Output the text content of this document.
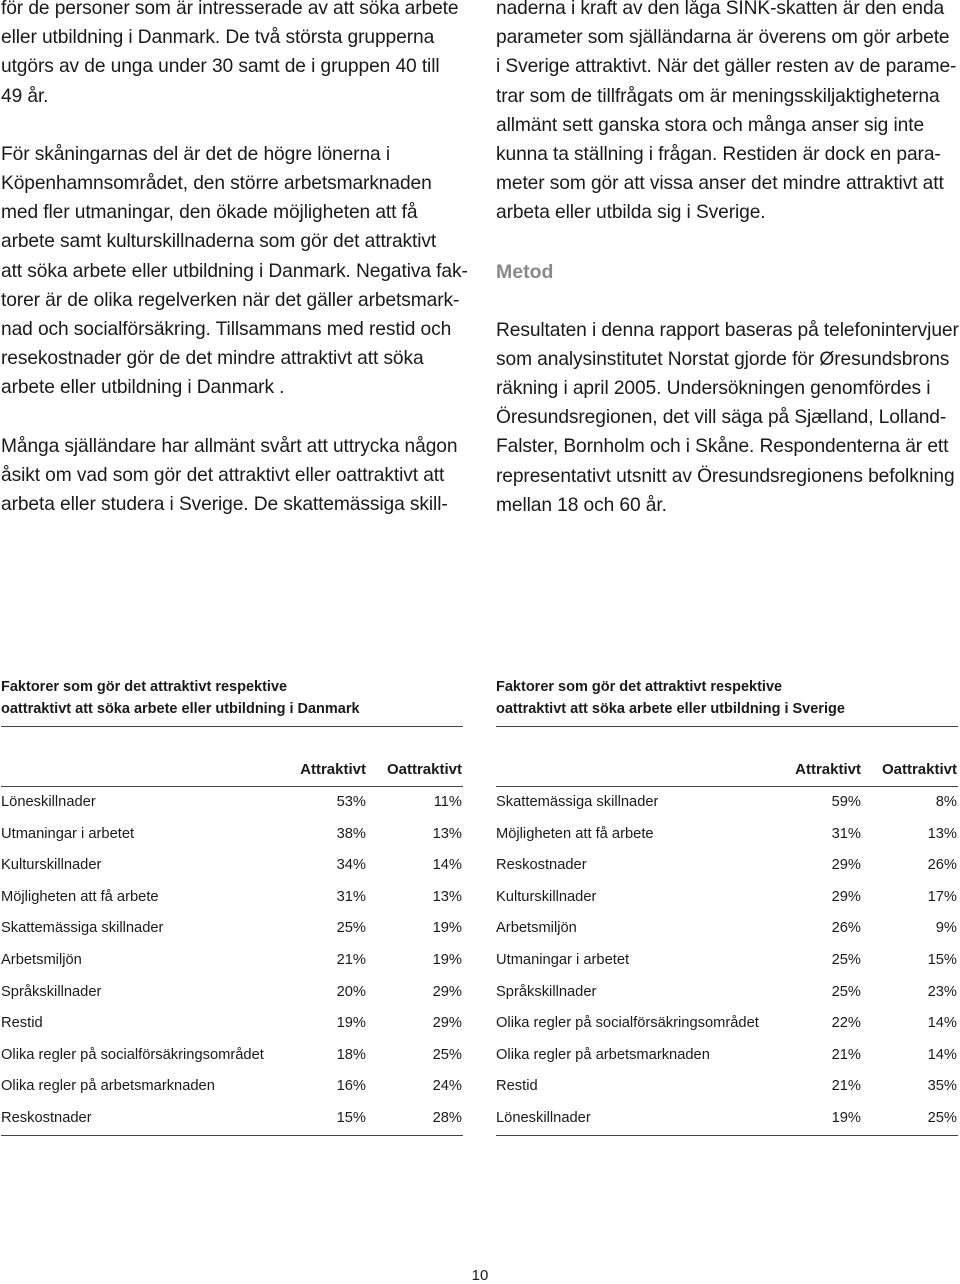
för de personer som är intresserade av att söka arbete
eller utbildning i Danmark. De två största grupperna
utgörs av de unga under 30 samt de i gruppen 40 till
49 år.

För skåningarnas del är det de högre lönerna i
Köpenhamnsområdet, den större arbetsmarknaden
med fler utmaningar, den ökade möjligheten att få
arbete samt kulturskillnaderna som gör det attraktivt
att söka arbete eller utbildning i Danmark. Negativa fak-
torer är de olika regelverken när det gäller arbetsmark-
nad och socialförsäkring. Tillsammans med restid och
resekostnader gör de det mindre attraktivt att söka
arbete eller utbildning i Danmark .

Många själländare har allmänt svårt att uttrycka någon
åsikt om vad som gör det attraktivt eller oattraktivt att
arbeta eller studera i Sverige. De skattemässiga skill-

naderna i kraft av den låga SINK-skatten är den enda
parameter som själländarna är överens om gör arbete
i Sverige attraktivt. När det gäller resten av de parame-
trar som de tillfrågats om är meningsskiljaktigheterna
allmänt sett ganska stora och många anser sig inte
kunna ta ställning i frågan. Restiden är dock en para-
meter som gör att vissa anser det mindre attraktivt att
arbeta eller utbilda sig i Sverige.

Metod

Resultaten i denna rapport baseras på telefonintervjuer
som analysinstitutet Norstat gjorde för Øresundsbrons
räkning i april 2005. Undersökningen genomfördes i
Öresundsregionen, det vill säga på Sjælland, Lolland-
Falster, Bornholm och i Skåne. Respondenterna är ett
representativt utsnitt av Öresundsregionens befolkning
mellan 18 och 60 år.

Faktorer som gör det attraktivt respektive
oattraktivt att söka arbete eller utbildning i Danmark

Attraktivt Oattraktivt
Löneskillnader	53%	11%
Utmaningar i arbetet	38%	13%
Kulturskillnader	34%	14%
Möjligheten att få arbete	31%	13%
Skattemässiga skillnader	25%	19%
Arbetsmiljön	21%	19%
Språkskillnader	20%	29%
Restid	19%	29%
Olika regler på socialförsäkringsområdet	18%	25%
Olika regler på arbetsmarknaden	16%	24%
Reskostnader	15%	28%

Faktorer som gör det attraktivt respektive
oattraktivt att söka arbete eller utbildning i Sverige

Attraktivt Oattraktivt
Skattemässiga skillnader	59%	8%
Möjligheten att få arbete	31%	13%
Reskostnader	29%	26%
Kulturskillnader	29%	17%
Arbetsmiljön	26%	9%
Utmaningar i arbetet	25%	15%
Språkskillnader	25%	23%
Olika regler på socialförsäkringsområdet	22%	14%
Olika regler på arbetsmarknaden	21%	14%
Restid	21%	35%
Löneskillnader	19%	25%
10
